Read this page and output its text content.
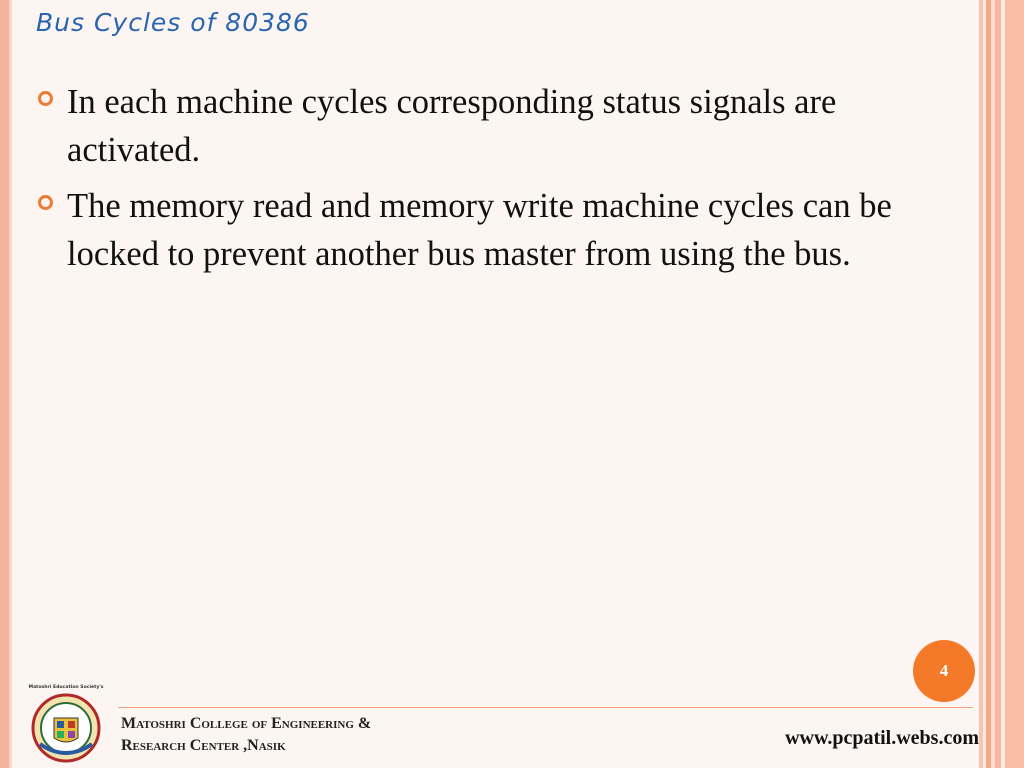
Bus Cycles of 80386
In each machine cycles corresponding status signals are activated.
The memory read and memory write machine cycles can be locked to prevent another bus master from using the bus.
4
Matoshri Education Society's
Matoshri College of Engineering &
Research Center ,Nasik	www.pcpatil.webs.com
